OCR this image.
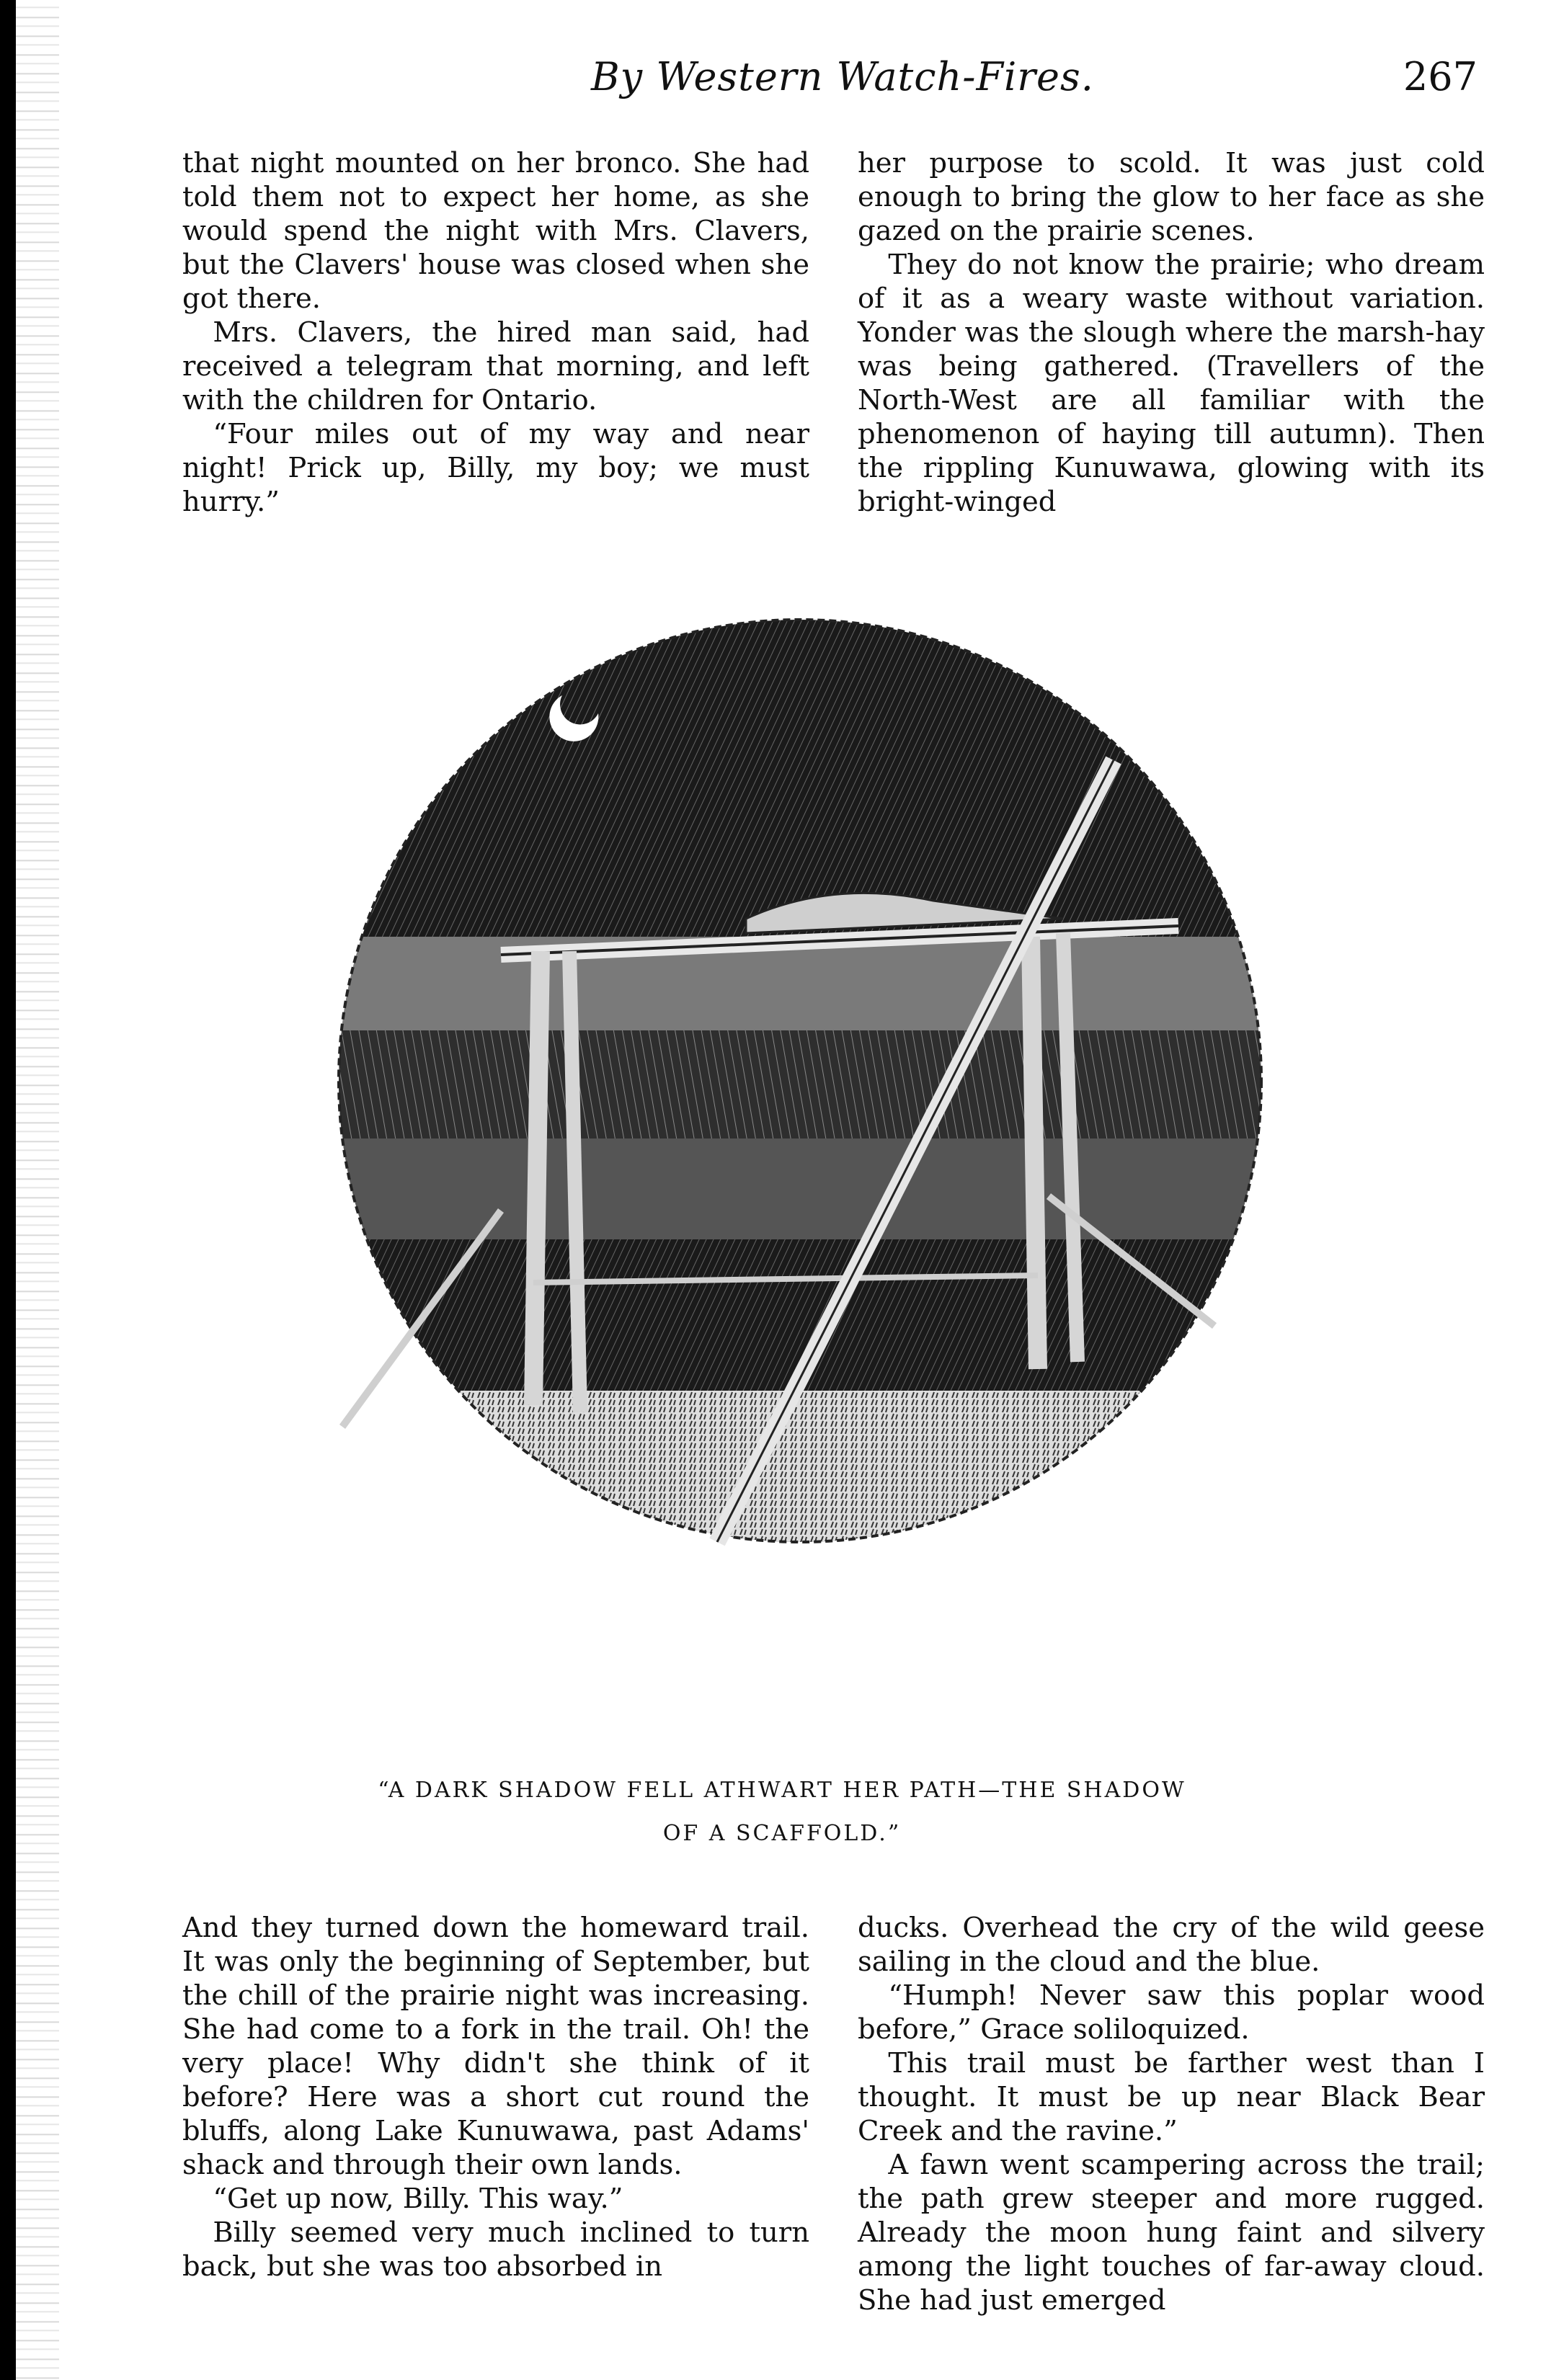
By Western Watch-Fires.	267

that night mounted on her bronco. She had told them not to expect her home, as she would spend the night with Mrs. Clavers, but the Clavers' house was closed when she got there.

Mrs. Clavers, the hired man said, had received a telegram that morning, and left with the children for Ontario.

“Four miles out of my way and near night! Prick up, Billy, my boy; we must hurry.”

her purpose to scold. It was just cold enough to bring the glow to her face as she gazed on the prairie scenes.

They do not know the prairie; who dream of it as a weary waste without variation. Yonder was the slough where the marsh-hay was being gathered. (Travellers of the North-West are all familiar with the phenomenon of haying till autumn). Then the rippling Kunuwawa, glowing with its bright-winged

“A DARK SHADOW FELL ATHWART HER PATH—THE SHADOW
OF A SCAFFOLD.”

And they turned down the homeward trail. It was only the beginning of September, but the chill of the prairie night was increasing. She had come to a fork in the trail. Oh! the very place! Why didn't she think of it before? Here was a short cut round the bluffs, along Lake Kunuwawa, past Adams' shack and through their own lands.

“Get up now, Billy. This way.”

Billy seemed very much inclined to turn back, but she was too absorbed in

ducks. Overhead the cry of the wild geese sailing in the cloud and the blue.

“Humph! Never saw this poplar wood before,” Grace soliloquized.

This trail must be farther west than I thought. It must be up near Black Bear Creek and the ravine.”

A fawn went scampering across the trail; the path grew steeper and more rugged. Already the moon hung faint and silvery among the light touches of far-away cloud. She had just emerged
